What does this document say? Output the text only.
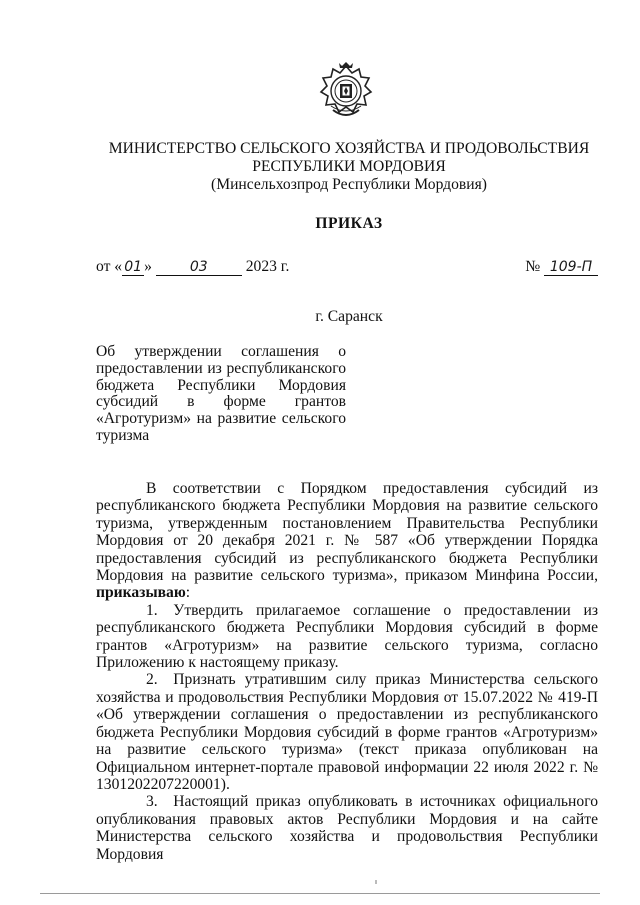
МИНИСТЕРСТВО СЕЛЬСКОГО ХОЗЯЙСТВА И ПРОДОВОЛЬСТВИЯ
РЕСПУБЛИКИ МОРДОВИЯ
(Минсельхозпрод Республики Мордовия)
ПРИКАЗ
от « 01 »	03 2023 г.	№ 109-П
г. Саранск
Об утверждении соглашения о предоставлении из республиканского бюджета Республики Мордовия субсидий в форме грантов «Агротуризм» на развитие сельского туризма

В соответствии с Порядком предоставления субсидий из республиканского бюджета Республики Мордовия на развитие сельского туризма, утвержденным постановлением Правительства Республики Мордовия от 20 декабря 2021 г. № 587 «Об утверждении Порядка предоставления субсидий из республиканского бюджета Республики Мордовия на развитие сельского туризма», приказом Минфина России, приказываю:

1. Утвердить прилагаемое соглашение о предоставлении из республиканского бюджета Республики Мордовия субсидий в форме грантов «Агротуризм» на развитие сельского туризма, согласно Приложению к настоящему приказу.

2. Признать утратившим силу приказ Министерства сельского хозяйства и продовольствия Республики Мордовия от 15.07.2022 № 419-П «Об утверждении соглашения о предоставлении из республиканского бюджета Республики Мордовия субсидий в форме грантов «Агротуризм» на развитие сельского туризма» (текст приказа опубликован на Официальном интернет-портале правовой информации 22 июля 2022 г. № 1301202207220001).

3. Настоящий приказ опубликовать в источниках официального опубликования правовых актов Республики Мордовия и на сайте Министерства сельского хозяйства и продовольствия Республики Мордовия
